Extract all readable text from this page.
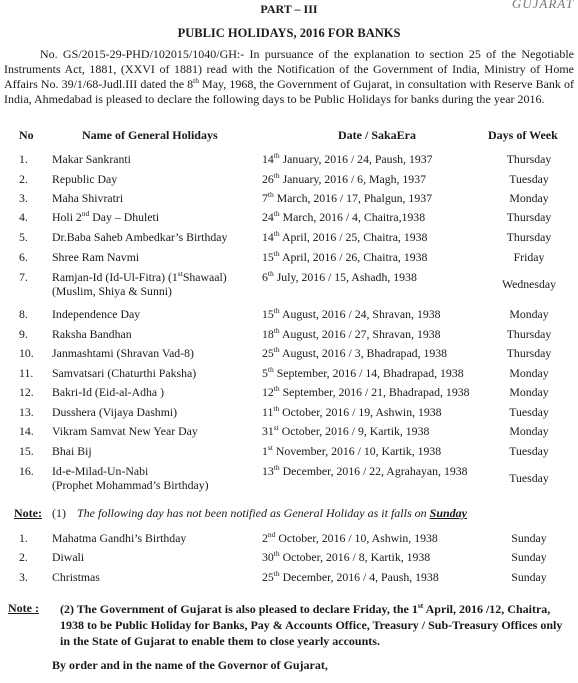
GUJARAT
PART – III
PUBLIC HOLIDAYS, 2016 FOR BANKS
No. GS/2015-29-PHD/102015/1040/GH:- In pursuance of the explanation to section 25 of the Negotiable Instruments Act, 1881, (XXVI of 1881) read with the Notification of the Government of India, Ministry of Home Affairs No. 39/1/68-Judl.III dated the 8th May, 1968, the Government of Gujarat, in consultation with Reserve Bank of India, Ahmedabad is pleased to declare the following days to be Public Holidays for banks during the year 2016.
No	Name of General Holidays	Date / SakaEra	Days of Week
1. Makar Sankranti	14th January, 2016 / 24, Paush, 1937	Thursday
2. Republic Day	26th January, 2016 / 6, Magh, 1937	Tuesday
3. Maha Shivratri	7th March, 2016 / 17, Phalgun, 1937	Monday
4. Holi 2nd Day – Dhuleti	24th March, 2016 / 4, Chaitra,1938	Thursday
5. Dr.Baba Saheb Ambedkar’s Birthday	14th April, 2016 / 25, Chaitra, 1938	Thursday
6. Shree Ram Navmi	15th April, 2016 / 26, Chaitra, 1938	Friday
7. Ramjan-Id (Id-Ul-Fitra) (1stShawaal)
(Muslim, Shiya & Sunni)
6th July, 2016 / 15, Ashadh, 1938	Wednesday
8. Independence Day	15th August, 2016 / 24, Shravan, 1938	Monday
9. Raksha Bandhan	18th August, 2016 / 27, Shravan, 1938	Thursday
10. Janmashtami (Shravan Vad-8)	25th August, 2016 / 3, Bhadrapad, 1938	Thursday
11. Samvatsari (Chaturthi Paksha)	5th September, 2016 / 14, Bhadrapad, 1938	Monday
12. Bakri-Id (Eid-al-Adha )	12th September, 2016 / 21, Bhadrapad, 1938	Monday
13. Dusshera (Vijaya Dashmi)	11th October, 2016 / 19, Ashwin, 1938	Tuesday
14. Vikram Samvat New Year Day	31st October, 2016 / 9, Kartik, 1938	Monday
15. Bhai Bij	1st November, 2016 / 10, Kartik, 1938	Tuesday
16. Id-e-Milad-Un-Nabi
(Prophet Mohammad’s Birthday)
13th December, 2016 / 22, Agrahayan, 1938	Tuesday
Note: (1) The following day has not been notified as General Holiday as it falls on Sunday
1. Mahatma Gandhi’s Birthday	2nd October, 2016 / 10, Ashwin, 1938	Sunday
2. Diwali	30th October, 2016 / 8, Kartik, 1938	Sunday
3. Christmas	25th December, 2016 / 4, Paush, 1938	Sunday
Note : (2) The Government of Gujarat is also pleased to declare Friday, the 1st April, 2016 /12, Chaitra, 1938 to be Public Holiday for Banks, Pay & Accounts Office, Treasury / Sub-Treasury Offices only in the State of Gujarat to enable them to close yearly accounts.
By order and in the name of the Governor of Gujarat,
